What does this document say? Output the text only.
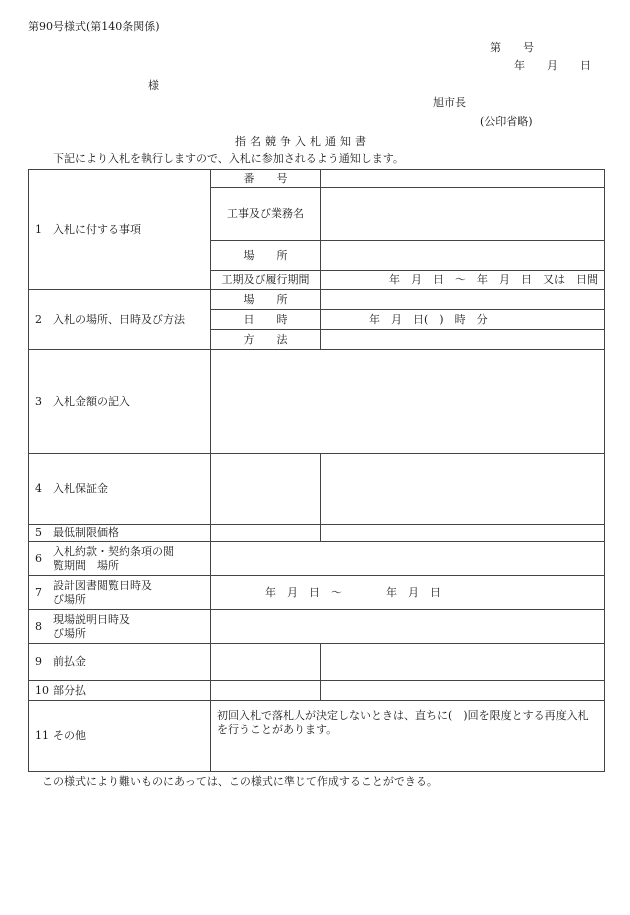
第90号様式(第140条関係)
第　　号
年　　月　　日
様
旭市長
(公印省略)
指名競争入札通知書
下記により入札を執行しますので、入札に参加されるよう通知します。
1 入札に付する事項	番　　号	
	工事及び業務名	
	場　　所	
	工期及び履行期間	年　月　日　～　年　月　日　又は　日間
2 入札の場所、日時及び方法	場　　所	
	日　　時	年　月　日(　)　時　分
	方　　法	
3 入札金額の記入		
4 入札保証金		
5 最低制限価格		
6入札約款・契約条項の閲
覧期間　場所		
7設計図書閲覧日時及
び場所	年　月　日　～　　　　年　月　日	
8現場説明日時及
び場所		
9 前払金		
10 部分払		
11 その他	初回入札で落札人が決定しないときは、直ちに(　)回を限度とする再度入札を行うことがあります。	
この様式により難いものにあっては、この様式に準じて作成することができる。
